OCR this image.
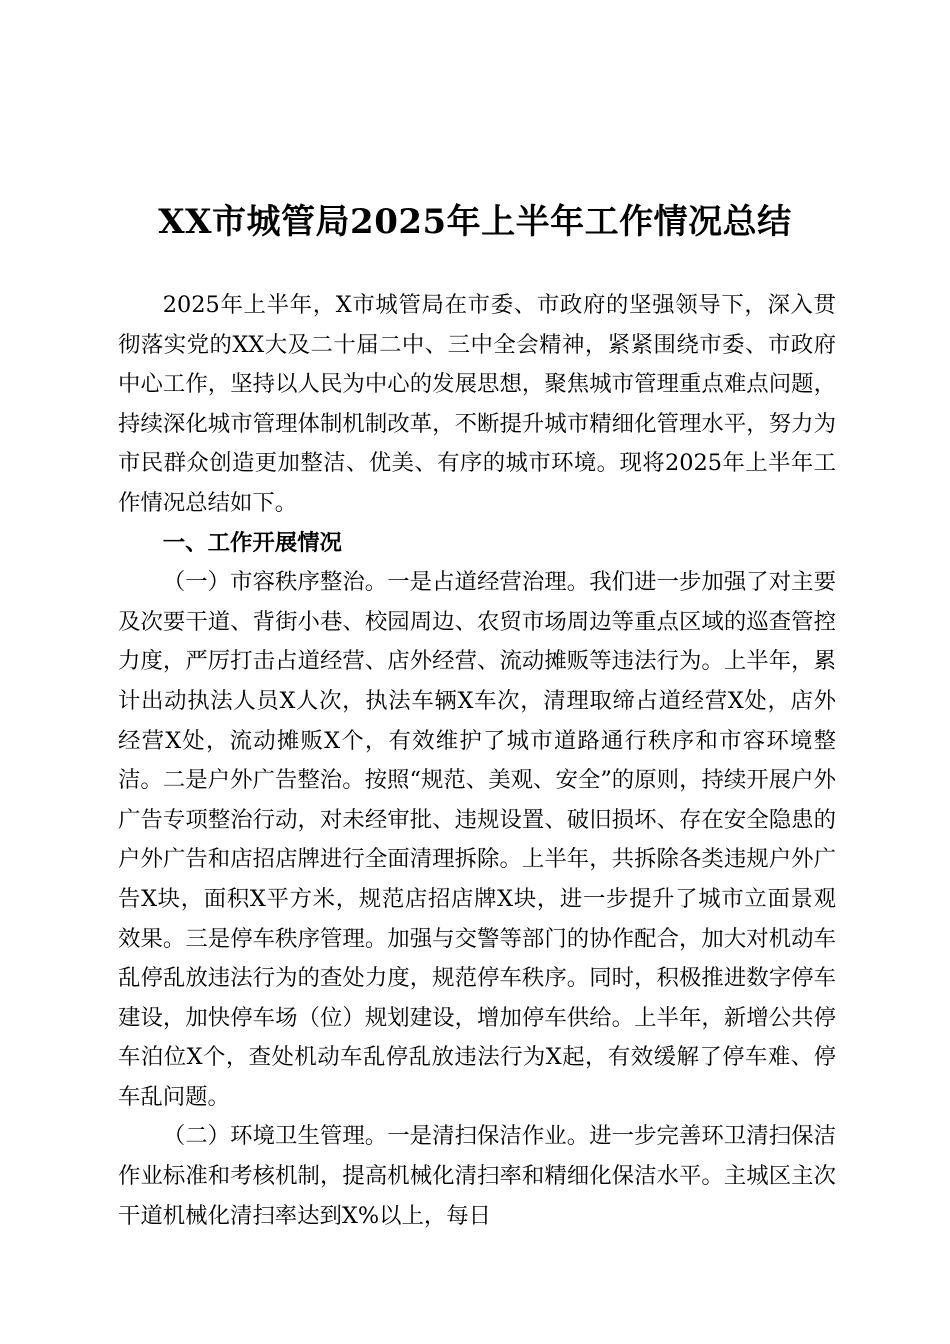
XX市城管局2025年上半年工作情况总结

2025年上半年，X市城管局在市委、市政府的坚强领导下，深入贯彻落实党的XX大及二十届二中、三中全会精神，紧紧围绕市委、市政府中心工作，坚持以人民为中心的发展思想，聚焦城市管理重点难点问题，持续深化城市管理体制机制改革，不断提升城市精细化管理水平，努力为市民群众创造更加整洁、优美、有序的城市环境。现将2025年上半年工作情况总结如下。

一、工作开展情况

（一）市容秩序整治。一是占道经营治理。我们进一步加强了对主要及次要干道、背街小巷、校园周边、农贸市场周边等重点区域的巡查管控力度，严厉打击占道经营、店外经营、流动摊贩等违法行为。上半年，累计出动执法人员X人次，执法车辆X车次，清理取缔占道经营X处，店外经营X处，流动摊贩X个，有效维护了城市道路通行秩序和市容环境整洁。二是户外广告整治。按照“规范、美观、安全”的原则，持续开展户外广告专项整治行动，对未经审批、违规设置、破旧损坏、存在安全隐患的户外广告和店招店牌进行全面清理拆除。上半年，共拆除各类违规户外广告X块，面积X平方米，规范店招店牌X块，进一步提升了城市立面景观效果。三是停车秩序管理。加强与交警等部门的协作配合，加大对机动车乱停乱放违法行为的查处力度，规范停车秩序。同时，积极推进数字停车建设，加快停车场（位）规划建设，增加停车供给。上半年，新增公共停车泊位X个，查处机动车乱停乱放违法行为X起，有效缓解了停车难、停车乱问题。

（二）环境卫生管理。一是清扫保洁作业。进一步完善环卫清扫保洁作业标准和考核机制，提高机械化清扫率和精细化保洁水平。主城区主次干道机械化清扫率达到X%以上，每日
